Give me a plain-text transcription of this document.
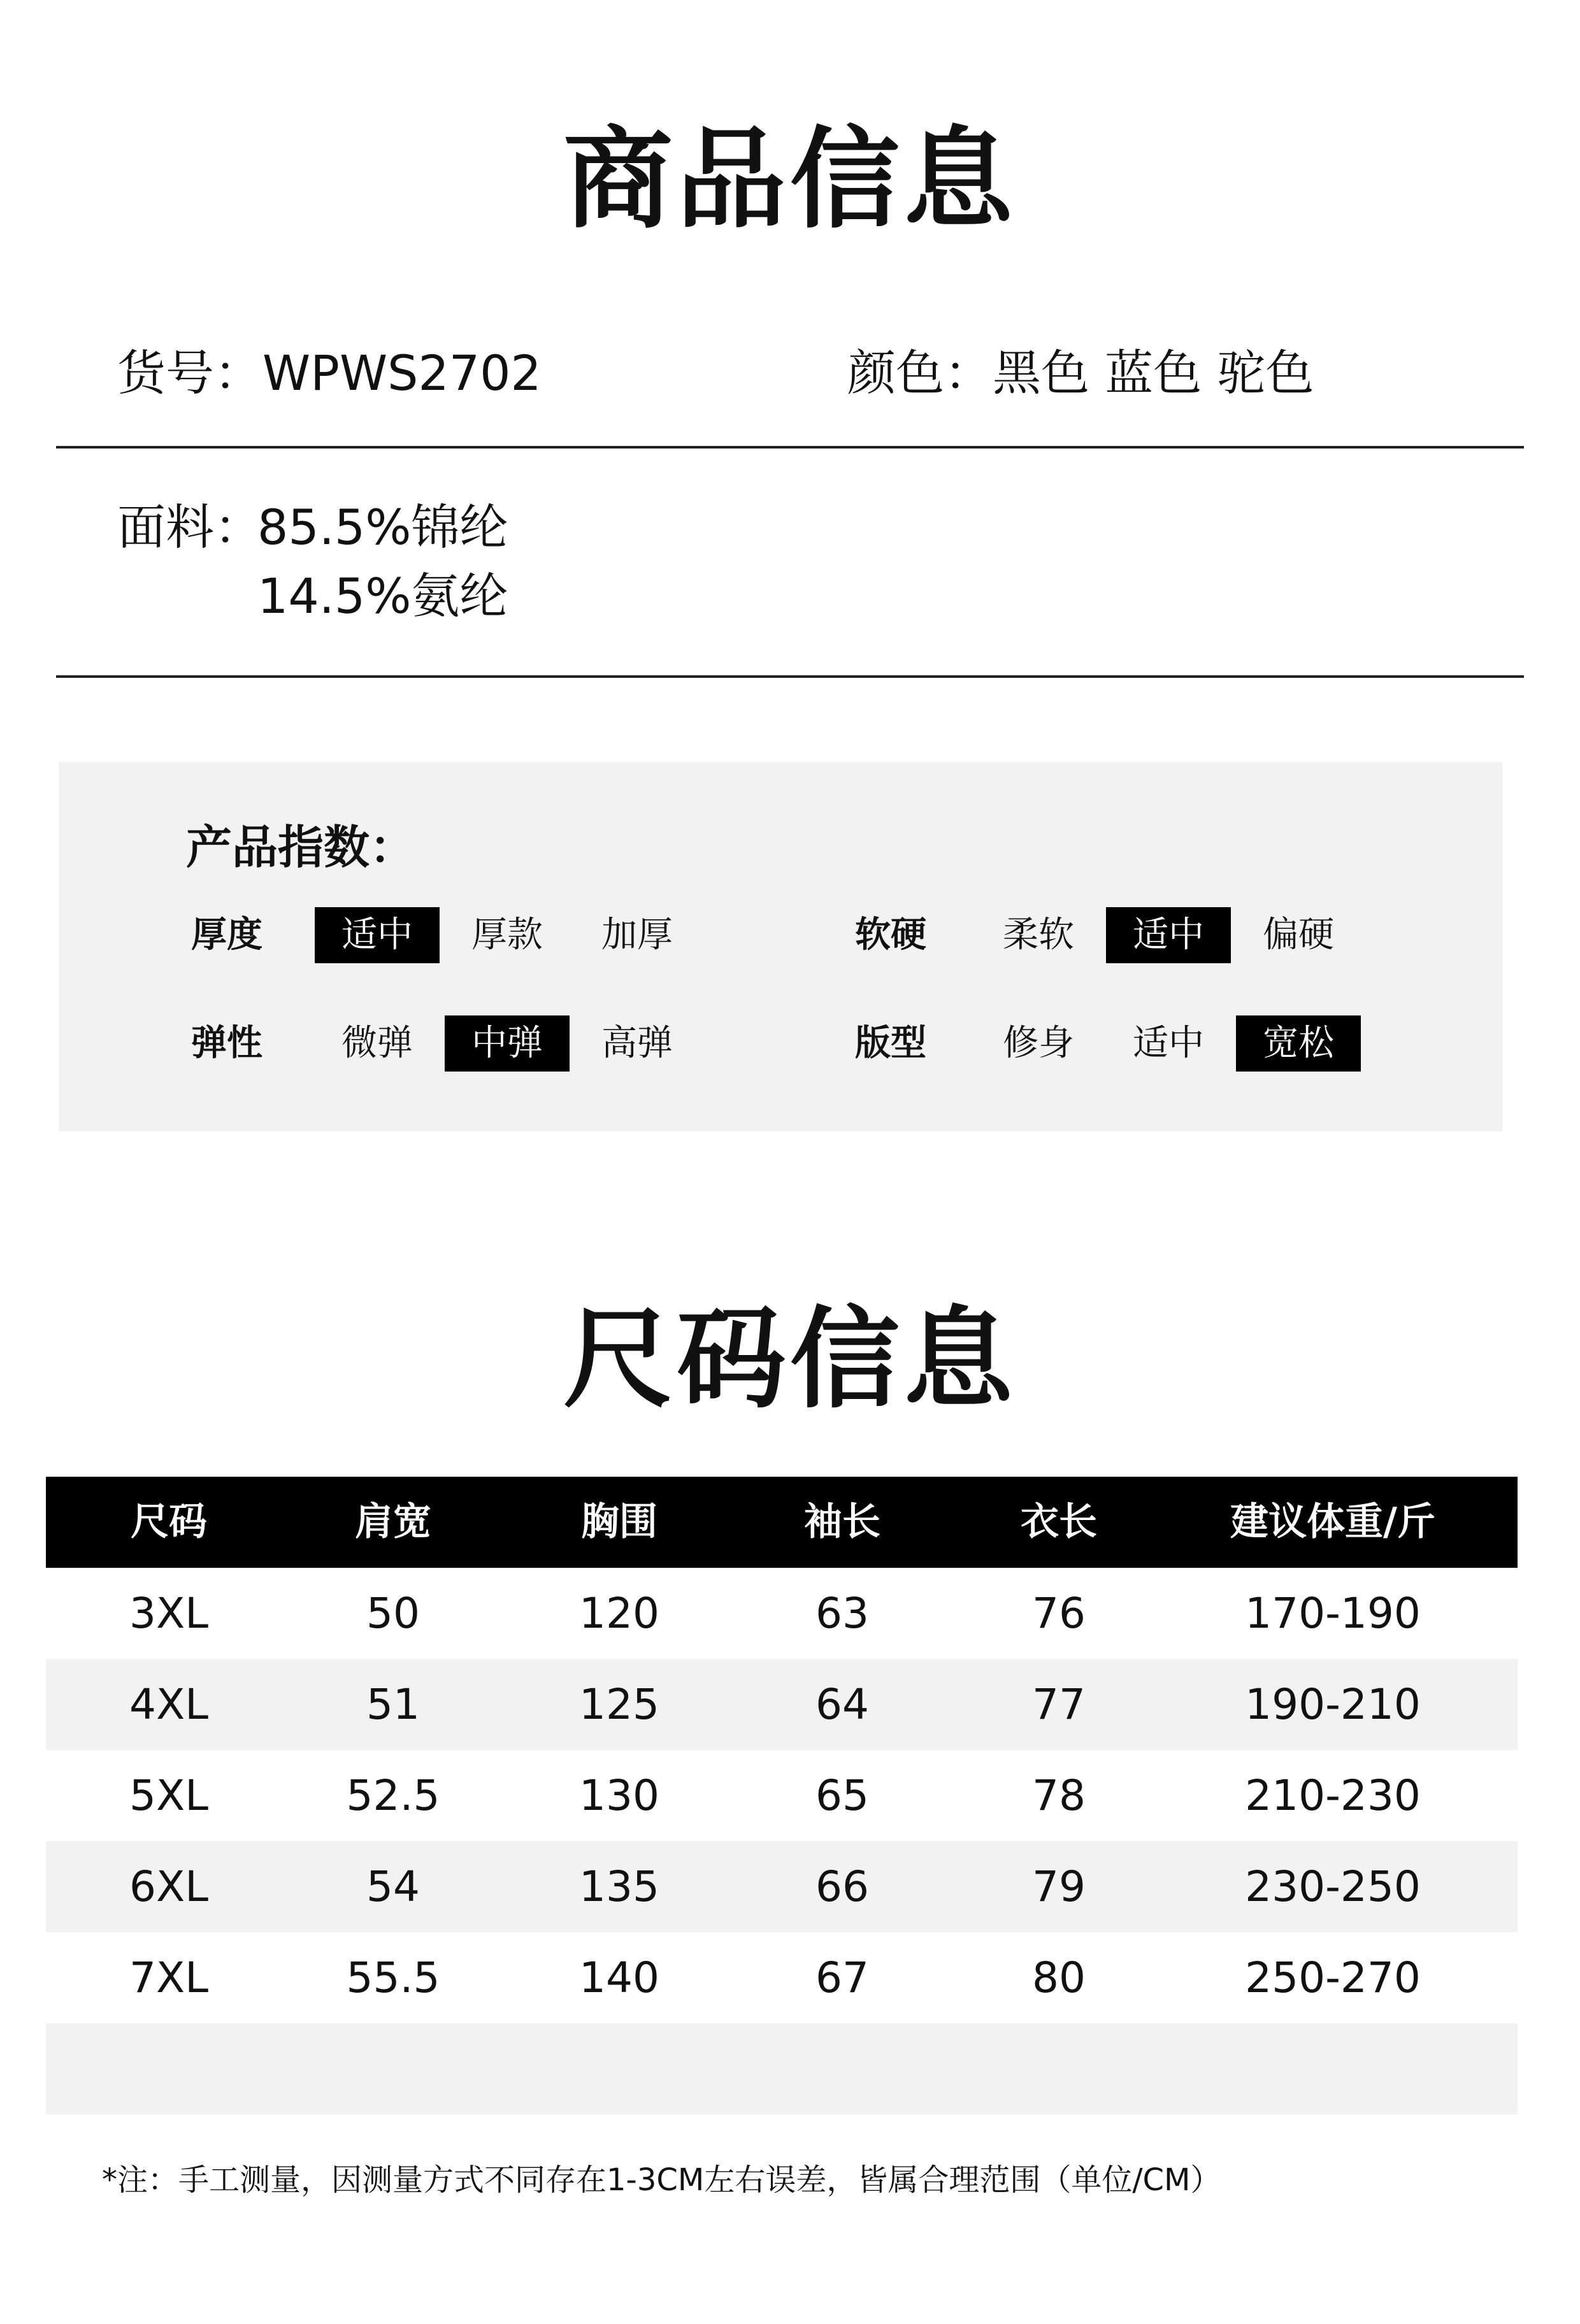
商品信息
货号：WPWS2702	颜色：黑色 蓝色 驼色
面料：
85.5%锦纶
14.5%氨纶
产品指数：
厚度	适中	厚款	加厚	软硬	柔软	适中	偏硬
弹性	微弹	中弹	高弹	版型	修身	适中	宽松
尺码信息
尺码	肩宽	胸围	袖长	衣长	建议体重/斤
3XL	50	120	63	76	170-190
4XL	51	125	64	77	190-210
5XL	52.5	130	65	78	210-230
6XL	54	135	66	79	230-250
7XL	55.5	140	67	80	250-270
*注：手工测量，因测量方式不同存在1-3CM左右误差，皆属合理范围（单位/CM）
